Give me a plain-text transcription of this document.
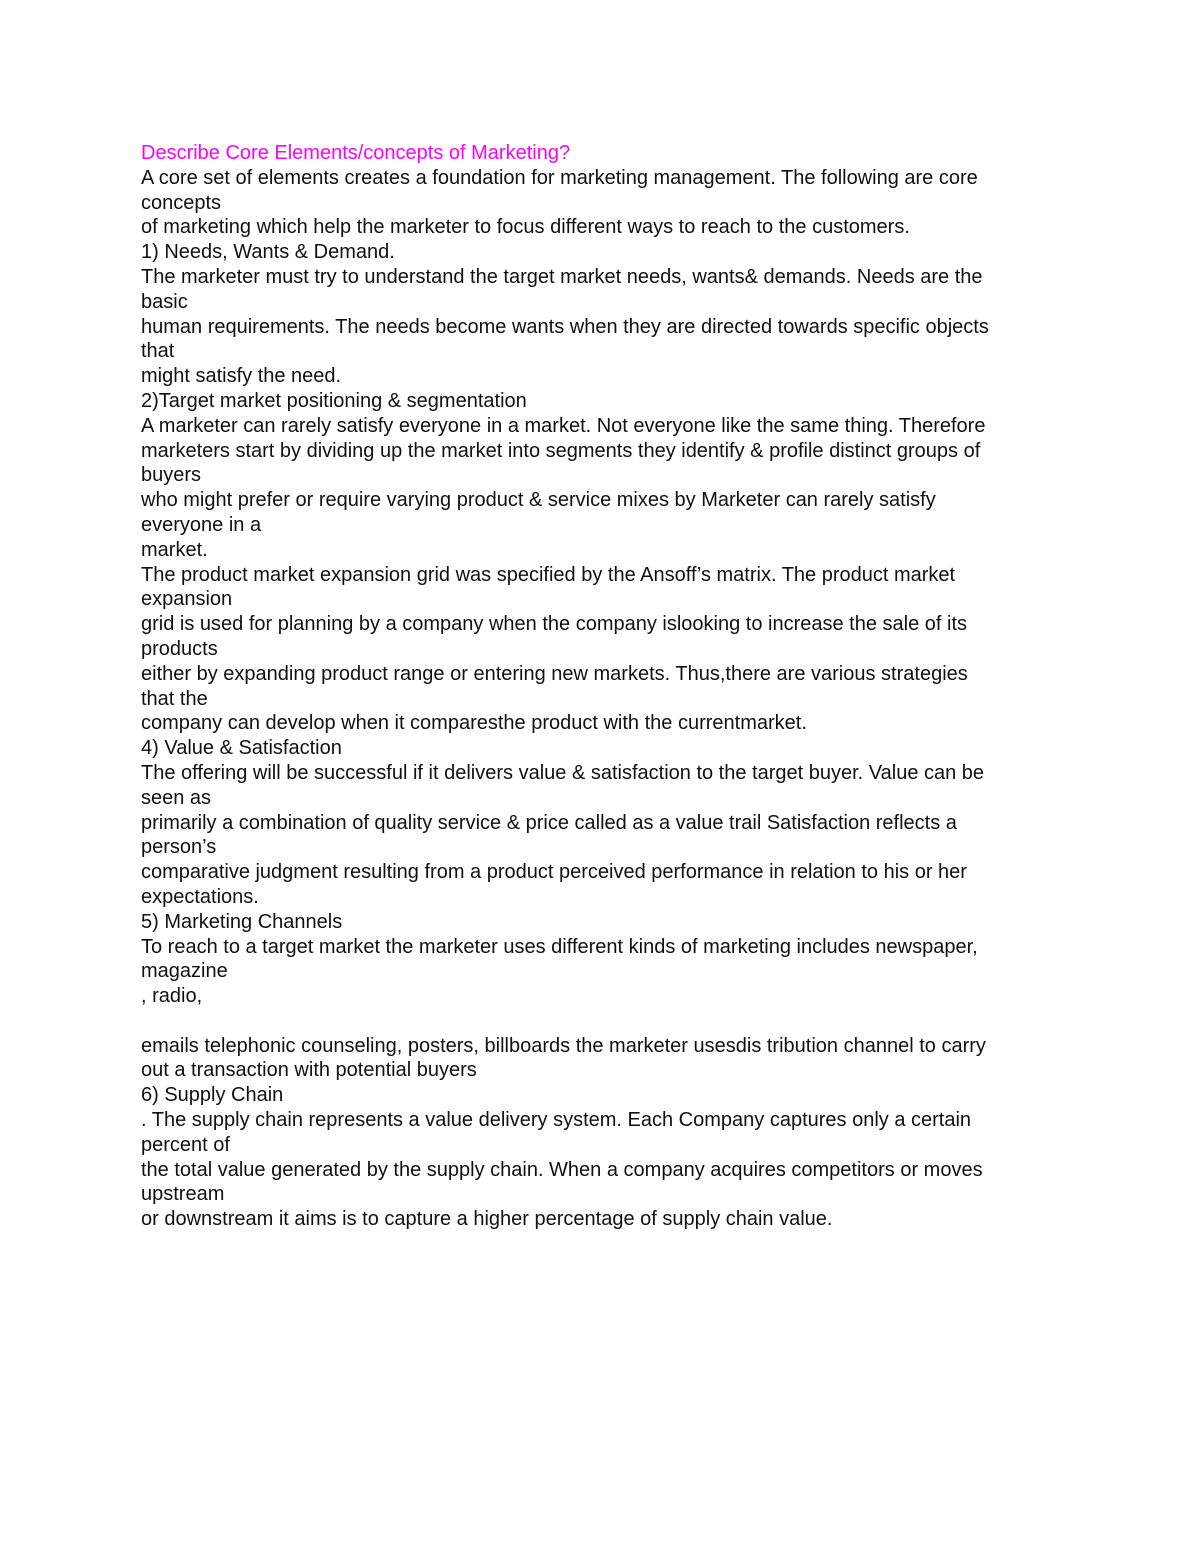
Describe Core Elements/concepts of Marketing?
A core set of elements creates a foundation for marketing management. The following are core
concepts
of marketing which help the marketer to focus different ways to reach to the customers.
1) Needs, Wants & Demand.
The marketer must try to understand the target market needs, wants& demands. Needs are the
basic
human requirements. The needs become wants when they are directed towards specific objects
that
might satisfy the need.
2)Target market positioning & segmentation
A marketer can rarely satisfy everyone in a market. Not everyone like the same thing. Therefore
marketers start by dividing up the market into segments they identify & profile distinct groups of
buyers
who might prefer or require varying product & service mixes by Marketer can rarely satisfy
everyone in a
market.
The product market expansion grid was specified by the Ansoff’s matrix. The product market
expansion
grid is used for planning by a company when the company islooking to increase the sale of its
products
either by expanding product range or entering new markets. Thus,there are various strategies
that the
company can develop when it comparesthe product with the currentmarket.
4) Value & Satisfaction
The offering will be successful if it delivers value & satisfaction to the target buyer. Value can be
seen as
primarily a combination of quality service & price called as a value trail Satisfaction reflects a
person’s
comparative judgment resulting from a product perceived performance in relation to his or her
expectations.
5) Marketing Channels
To reach to a target market the marketer uses different kinds of marketing includes newspaper,
magazine
, radio,
emails telephonic counseling, posters, billboards the marketer usesdis tribution channel to carry
out a transaction with potential buyers
6) Supply Chain
. The supply chain represents a value delivery system. Each Company captures only a certain
percent of
the total value generated by the supply chain. When a company acquires competitors or moves
upstream
or downstream it aims is to capture a higher percentage of supply chain value.
